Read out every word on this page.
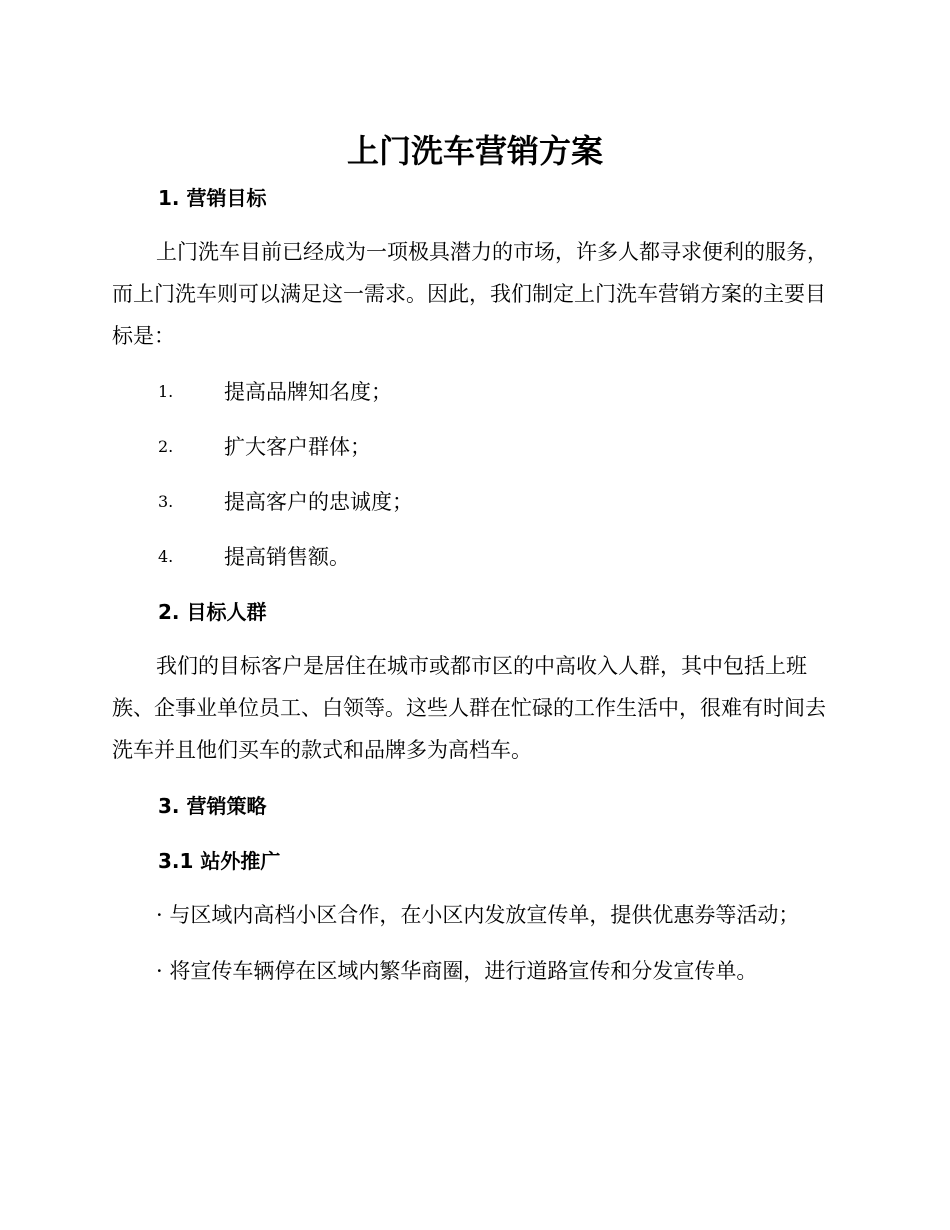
上门洗车营销方案
1. 营销目标
上门洗车目前已经成为一项极具潜力的市场，许多人都寻求便利的服务，而上门洗车则可以满足这一需求。因此，我们制定上门洗车营销方案的主要目标是：
1. 提高品牌知名度；
2. 扩大客户群体；
3. 提高客户的忠诚度；
4. 提高销售额。
2. 目标人群
我们的目标客户是居住在城市或都市区的中高收入人群，其中包括上班族、企事业单位员工、白领等。这些人群在忙碌的工作生活中，很难有时间去洗车并且他们买车的款式和品牌多为高档车。
3. 营销策略
3.1 站外推广
· 与区域内高档小区合作，在小区内发放宣传单，提供优惠券等活动；
· 将宣传车辆停在区域内繁华商圈，进行道路宣传和分发宣传单。
